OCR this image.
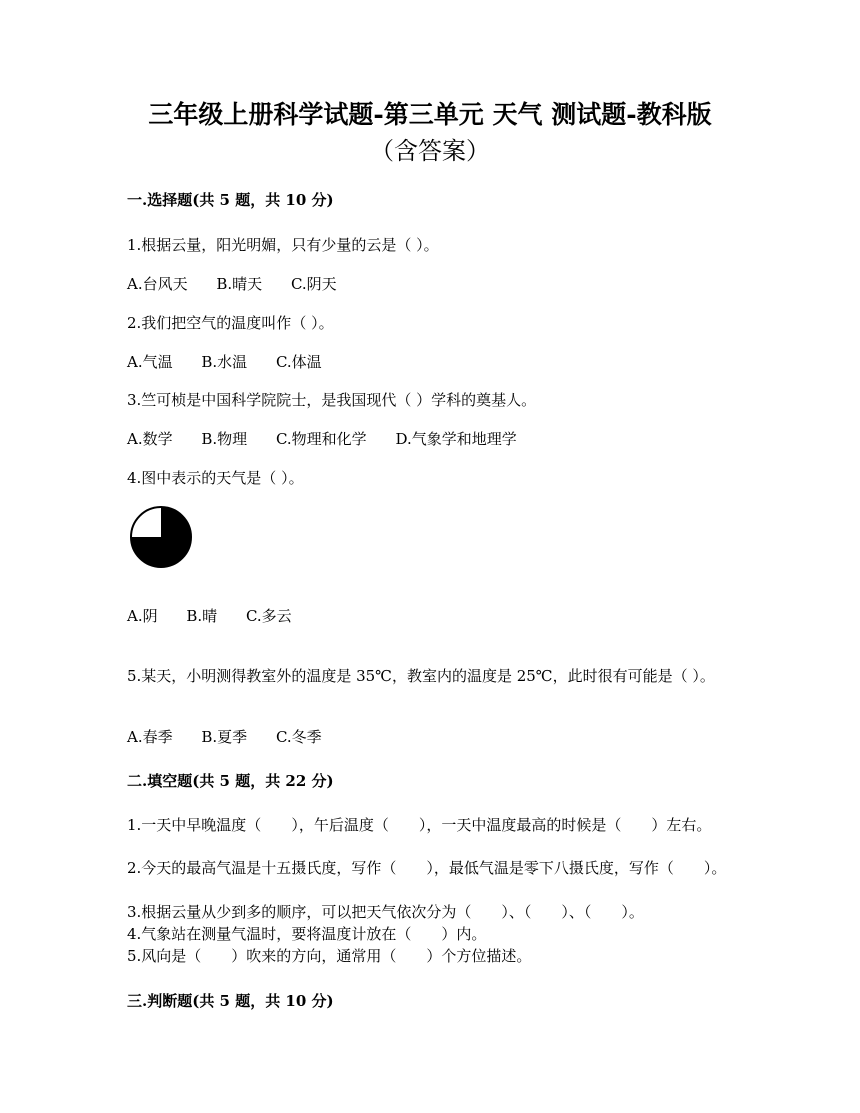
三年级上册科学试题-第三单元 天气 测试题-教科版
（含答案）
一.选择题(共 5 题，共 10 分)
1.根据云量，阳光明媚，只有少量的云是（ ）。
A.台风天 B.晴天 C.阴天
2.我们把空气的温度叫作（ ）。
A.气温 B.水温 C.体温
3.竺可桢是中国科学院院士，是我国现代（ ）学科的奠基人。
A.数学 B.物理 C.物理和化学 D.气象学和地理学
4.图中表示的天气是（ ）。
A.阴 B.晴 C.多云
5.某天，小明测得教室外的温度是 35℃，教室内的温度是 25℃，此时很有可能是（ ）。
A.春季 B.夏季 C.冬季
二.填空题(共 5 题，共 22 分)
1.一天中早晚温度（　　），午后温度（　　），一天中温度最高的时候是（　　）左右。
2.今天的最高气温是十五摄氏度，写作（　　），最低气温是零下八摄氏度，写作（　　）。
3.根据云量从少到多的顺序，可以把天气依次分为（　　）、（　　）、（　　）。
4.气象站在测量气温时，要将温度计放在（　　）内。
5.风向是（　　）吹来的方向，通常用（　　）个方位描述。
三.判断题(共 5 题，共 10 分)
